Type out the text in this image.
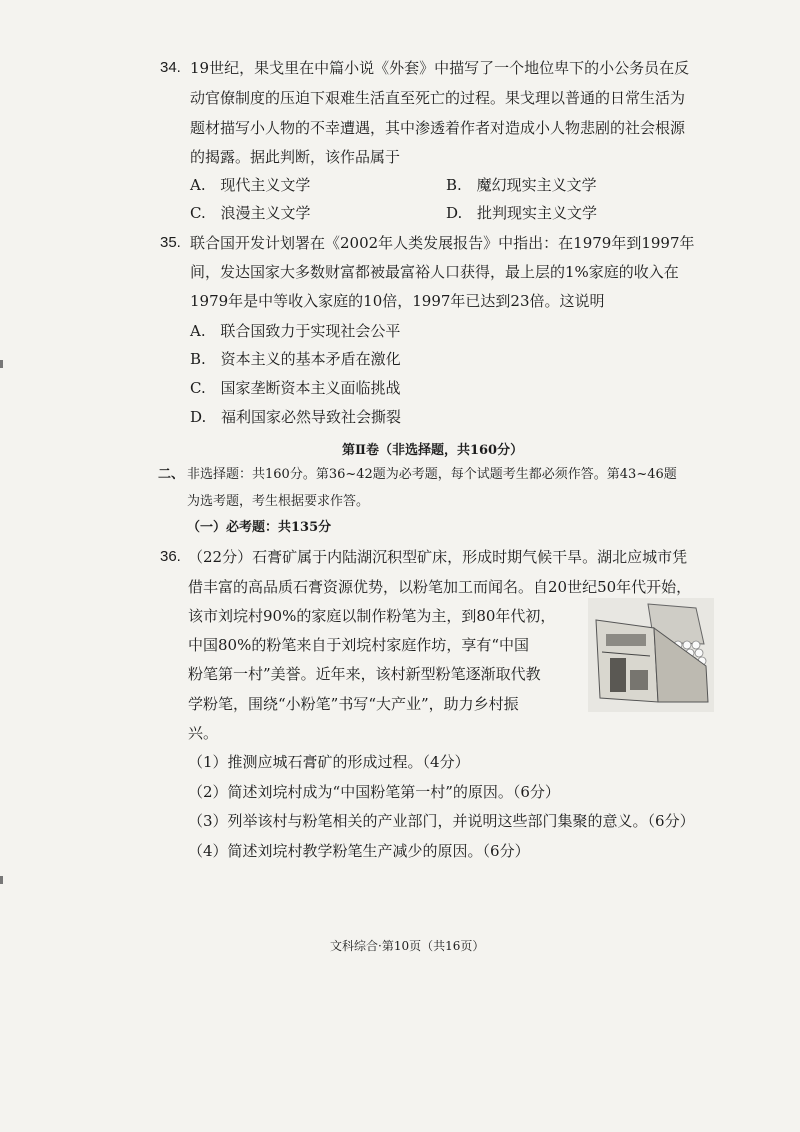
34. 19世纪，果戈里在中篇小说《外套》中描写了一个地位卑下的小公务员在反
动官僚制度的压迫下艰难生活直至死亡的过程。果戈理以普通的日常生活为
题材描写小人物的不幸遭遇，其中渗透着作者对造成小人物悲剧的社会根源
的揭露。据此判断，该作品属于
A. 现代主义文学	B. 魔幻现实主义文学
C. 浪漫主义文学	D. 批判现实主义文学
35. 联合国开发计划署在《2002年人类发展报告》中指出：在1979年到1997年
间，发达国家大多数财富都被最富裕人口获得，最上层的1%家庭的收入在
1979年是中等收入家庭的10倍，1997年已达到23倍。这说明
A. 联合国致力于实现社会公平
B. 资本主义的基本矛盾在激化
C. 国家垄断资本主义面临挑战
D. 福利国家必然导致社会撕裂
第Ⅱ卷（非选择题，共160分）
二、 非选择题：共160分。第36~42题为必考题，每个试题考生都必须作答。第43~46题
为选考题，考生根据要求作答。
（一）必考题：共135分
36. （22分）石膏矿属于内陆湖沉积型矿床，形成时期气候干旱。湖北应城市凭
借丰富的高品质石膏资源优势，以粉笔加工而闻名。自20世纪50年代开始，
该市刘垸村90%的家庭以制作粉笔为主，到80年代初，
中国80%的粉笔来自于刘垸村家庭作坊，享有“中国
粉笔第一村”美誉。近年来，该村新型粉笔逐渐取代教
学粉笔，围绕“小粉笔”书写“大产业”，助力乡村振
兴。
（1）推测应城石膏矿的形成过程。（4分）
（2）简述刘垸村成为“中国粉笔第一村”的原因。（6分）
（3）列举该村与粉笔相关的产业部门，并说明这些部门集聚的意义。（6分）
（4）简述刘垸村教学粉笔生产减少的原因。（6分）
文科综合·第10页（共16页）
